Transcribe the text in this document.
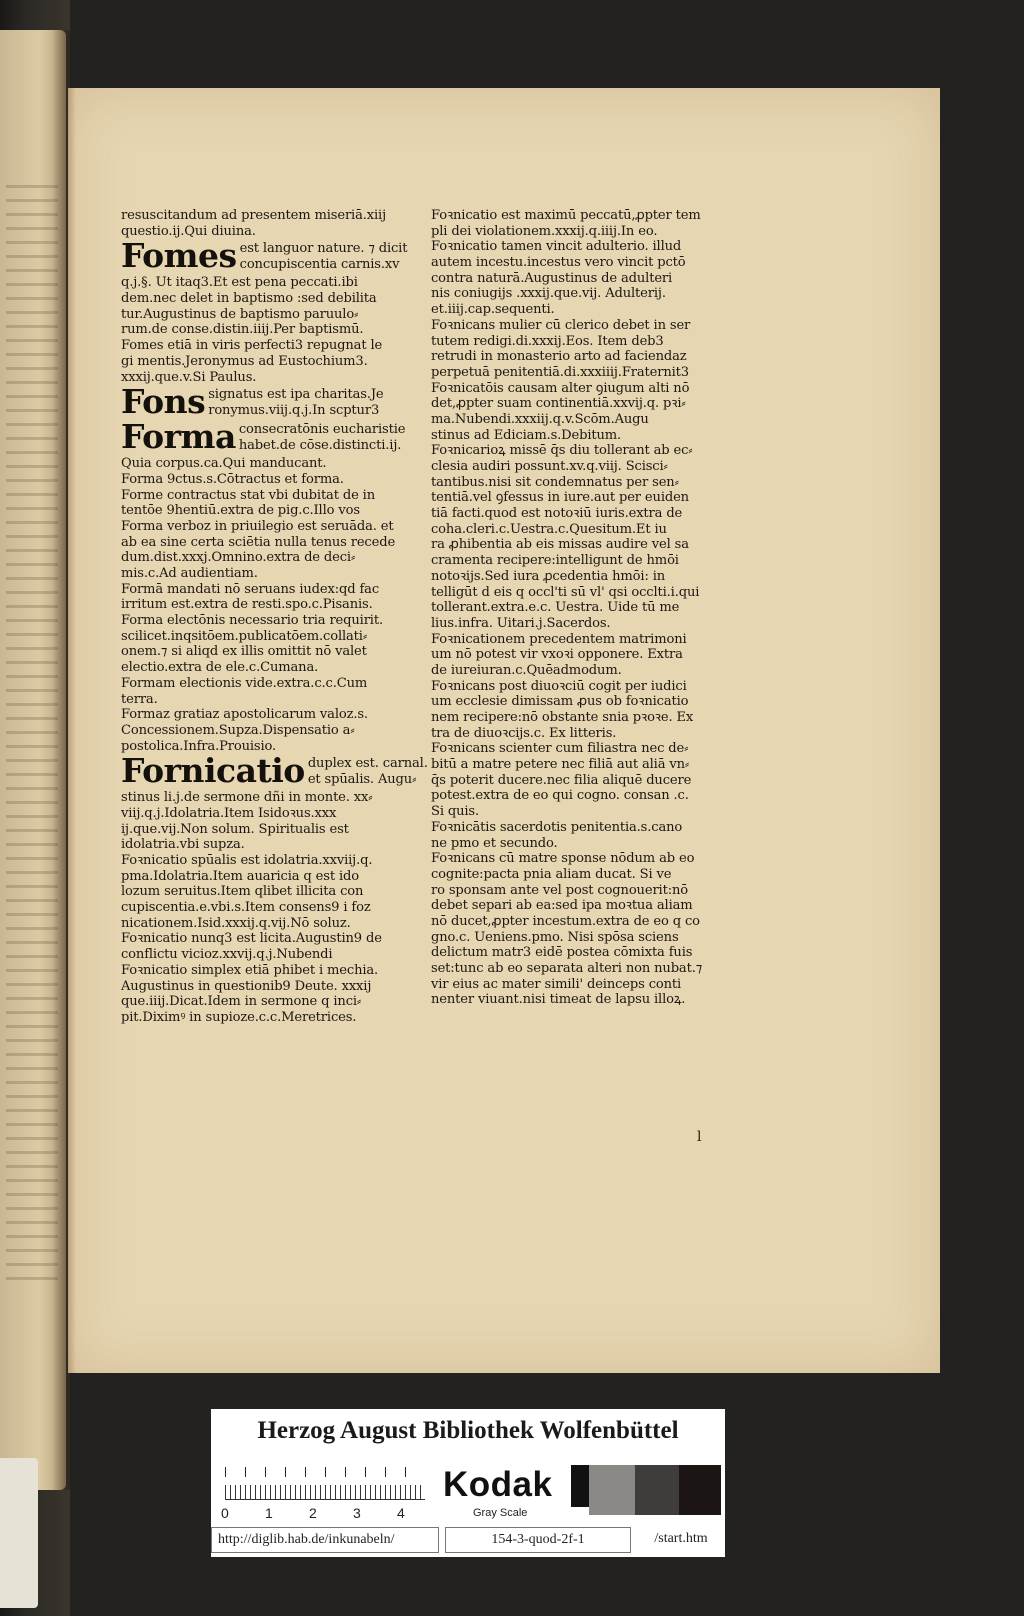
resuscitandum ad presentem miseriā.xiij
questio.ij.Qui diuina.
Fomes est languor nature. ⁊ dicit
concupiscentia carnis.xv
q.j.§. Ut itaq3.Et est pena peccati.ibi
dem.nec delet in baptismo :sed debilita
tur.Augustinus de baptismo paruulo⸗
rum.de conse.distin.iiij.Per baptismū.
Fomes etiā in viris perfecti3 repugnat le
gi mentis.Jeronymus ad Eustochium3.
xxxij.que.v.Si Paulus.
Fons signatus est ipa charitas.Je
ronymus.viij.q.j.In scptur3
Forma consecratōnis eucharistie
habet.de cōse.distincti.ij.
Quia corpus.ca.Qui manducant.
Forma 9ctus.s.Cōtractus et forma.
Forme contractus stat vbi dubitat de in
tentōe 9hentiū.extra de pig.c.Illo vos
Forma verboz in priuilegio est seruāda. et
ab ea sine certa sciētia nulla tenus recede
dum.dist.xxxj.Omnino.extra de deci⸗
mis.c.Ad audientiam.
Formā mandati nō seruans iudex:qd fac
irritum est.extra de resti.spo.c.Pisanis.
Forma electōnis necessario tria requirit.
scilicet.inqsitōem.publicatōem.collati⸗
onem.⁊ si aliqd ex illis omittit nō valet
electio.extra de ele.c.Cumana.
Formam electionis vide.extra.c.c.Cum
terra.
Formaz gratiaz apostolicarum valoz.s.
Concessionem.Supza.Dispensatio a⸗
postolica.Infra.Prouisio.
Fornicatio duplex est. carnal.
et spūalis. Augu⸗
stinus li.j.de sermone dñi in monte. xx⸗
viij.q.j.Idolatria.Item Isidoꝛus.xxx
ij.que.vij.Non solum. Spiritualis est
idolatria.vbi supza.
Foꝛnicatio spūalis est idolatria.xxviij.q.
pma.Idolatria.Item auaricia q est ido
lozum seruitus.Item qlibet illicita con
cupiscentia.e.vbi.s.Item consens9 i foz
nicationem.Isid.xxxij.q.vij.Nō soluz.
Foꝛnicatio nunq3 est licita.Augustin9 de
conflictu vicioz.xxvij.q.j.Nubendi
Foꝛnicatio simplex etiā phibet i mechia.
Augustinus in questionib9 Deute. xxxij
que.iiij.Dicat.Idem in sermone q inci⸗
pit.Diximꝰ in supioze.c.c.Meretrices.
Foꝛnicatio est maximū peccatū,ꝓpter tem
pli dei violationem.xxxij.q.iiij.In eo.
Foꝛnicatio tamen vincit adulterio. illud
autem incestu.incestus vero vincit pctō
contra naturā.Augustinus de adulteri
nis coniugijs .xxxij.que.vij. Adulterij.
et.iiij.cap.sequenti.
Foꝛnicans mulier cū clerico debet in ser
tutem redigi.di.xxxij.Eos. Item deb3
retrudi in monasterio arto ad faciendaz
perpetuā penitentiā.di.xxxiiij.Fraternit3
Foꝛnicatōis causam alter ꝯiugum alti nō
det,ꝓpter suam continentiā.xxvij.q. pꝛi⸗
ma.Nubendi.xxxiij.q.v.Scōm.Augu
stinus ad Ediciam.s.Debitum.
Foꝛnicarioꝝ missē q̄s diu tollerant ab ec⸗
clesia audiri possunt.xv.q.viij. Scisci⸗
tantibus.nisi sit condemnatus per sen⸗
tentiā.vel ꝯfessus in iure.aut per euiden
tiā facti.quod est notoꝛiū iuris.extra de
coha.cleri.c.Uestra.c.Quesitum.Et iu
ra ꝓhibentia ab eis missas audire vel sa
cramenta recipere:intelligunt de hmōi
notoꝛijs.Sed iura ꝓcedentia hmōi: in
telligūt d eis q occl'ti sū vl' qsi occlti.i.qui
tollerant.extra.e.c. Uestra. Uide tū me
lius.infra. Uitari.j.Sacerdos.
Foꝛnicationem precedentem matrimoni
um nō potest vir vxoꝛi opponere. Extra
de iureiuran.c.Quēadmodum.
Foꝛnicans post diuoꝛciū cogit per iudici
um ecclesie dimissam ꝓus ob foꝛnicatio
nem recipere:nō obstante snia pꝛoꝛe. Ex
tra de diuoꝛcijs.c. Ex litteris.
Foꝛnicans scienter cum filiastra nec de⸗
bitū a matre petere nec filiā aut aliā vn⸗
q̄s poterit ducere.nec filia aliquē ducere
potest.extra de eo qui cogno. consan .c.
Si quis.
Foꝛnicātis sacerdotis penitentia.s.cano
ne pmo et secundo.
Foꝛnicans cū matre sponse nōdum ab eo
cognite:pacta pnia aliam ducat. Si ve
ro sponsam ante vel post cognouerit:nō
debet separi ab ea:sed ipa moꝛtua aliam
nō ducet,ꝓpter incestum.extra de eo q co
gno.c. Ueniens.pmo. Nisi spōsa sciens
delictum matr3 eidē postea cōmixta fuis
set:tunc ab eo separata alteri non nubat.⁊
vir eius ac mater simili' deinceps conti
nenter viuant.nisi timeat de lapsu illoꝝ.
l
Herzog August Bibliothek Wolfenbüttel
0	1	2	3	4
Kodak
Gray Scale
http://diglib.hab.de/inkunabeln/	154-3-quod-2f-1	/start.htm
